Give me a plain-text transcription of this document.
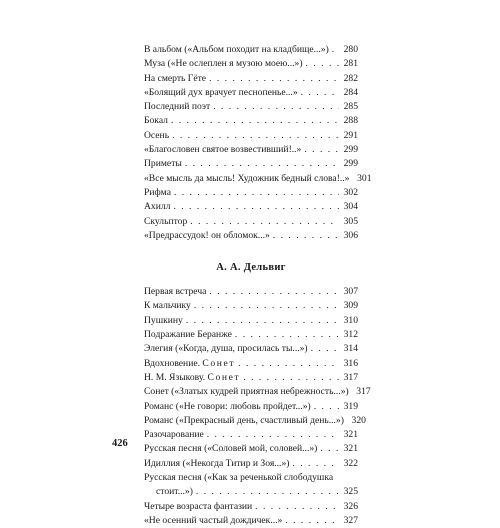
В альбом («Альбом походит на кладбище...») . . . 280
Муза («Не ослеплен я музою моею...») . . .	281
На смерть Гёте . . .	282
«Болящий дух врачует песнопенье...» . . .	284
Последний поэт . . .	285
Бокал . . .	288
Осень . . .	291
«Благословен святое возвестивший!..» . . .	299
Приметы . . .	299
«Все мысль да мысль! Художник бедный слова!..» 301
Рифма . . .	302
Ахилл . . .	304
Скульптор . . .	305
«Предрассудок! он обломок...» . . .	306
А. А. Дельвиг
Первая встреча . . .	307
К мальчику . . .	309
Пушкину . . .	310
Подражание Беранже . . .	312
Элегия («Когда, душа, просилась ты...») . . .	314
Вдохновение. Сонет . . .	316
Н. М. Языкову. Сонет . . .	317
Сонет («Златых кудрей приятная небрежность...») 317
Романс («Не говори: любовь пройдет...») . . .	319
Романс («Прекрасный день, счастливый день...») 320
Разочарование . . .	321
Русская песня («Соловей мой, соловей...») . . .	321
Идиллия («Некогда Титир и Зоя...») . . .	322
Русская песня («Как за реченькой слободушка
стоит...») . . .	325
Четыре возраста фантазии . . .	326
«Не осенний частый дождичек...» . . .	327
426
